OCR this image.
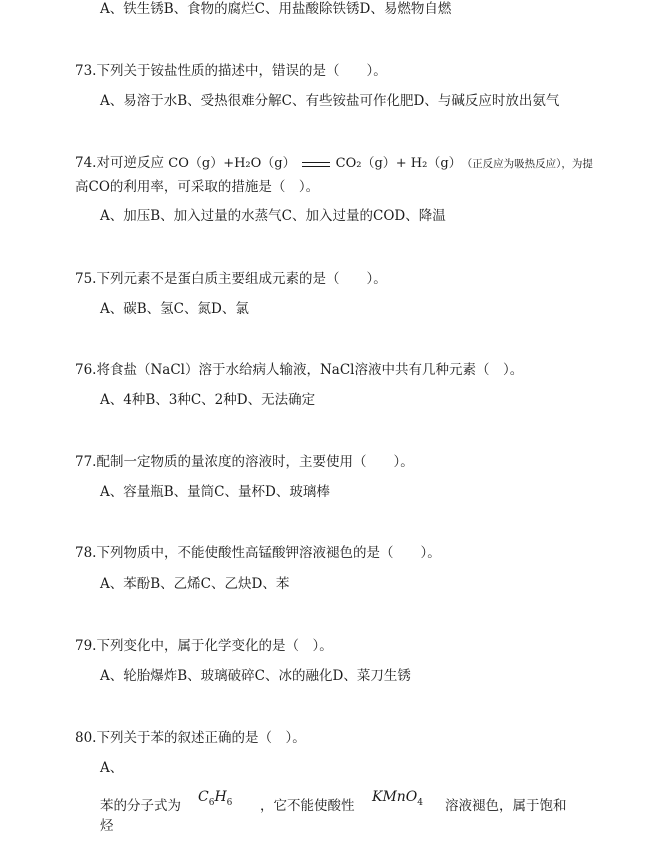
A、铁生锈B、食物的腐烂C、用盐酸除铁锈D、易燃物自燃
73.下列关于铵盐性质的描述中，错误的是（　　）。
A、易溶于水B、受热很难分解C、有些铵盐可作化肥D、与碱反应时放出氨气
74.对可逆反应 CO（g）+H₂O（g）	CO₂（g）+ H₂（g）（正反应为吸热反应），为提
高CO的利用率，可采取的措施是（　）。
A、加压B、加入过量的水蒸气C、加入过量的COD、降温
75.下列元素不是蛋白质主要组成元素的是（　　）。
A、碳B、氢C、氮D、氯
76.将食盐（NaCl）溶于水给病人输液，NaCl溶液中共有几种元素（　）。
A、4种B、3种C、2种D、无法确定
77.配制一定物质的量浓度的溶液时，主要使用（　　）。
A、容量瓶B、量筒C、量杯D、玻璃棒
78.下列物质中，不能使酸性高锰酸钾溶液褪色的是（　　）。
A、苯酚B、乙烯C、乙炔D、苯
79.下列变化中，属于化学变化的是（　）。
A、轮胎爆炸B、玻璃破碎C、冰的融化D、菜刀生锈
80.下列关于苯的叙述正确的是（　）。
A、
苯的分子式为
$C_6H_6$ ，它不能使酸性
KMnO$_4$ 溶液褪色，属于饱和
烃
